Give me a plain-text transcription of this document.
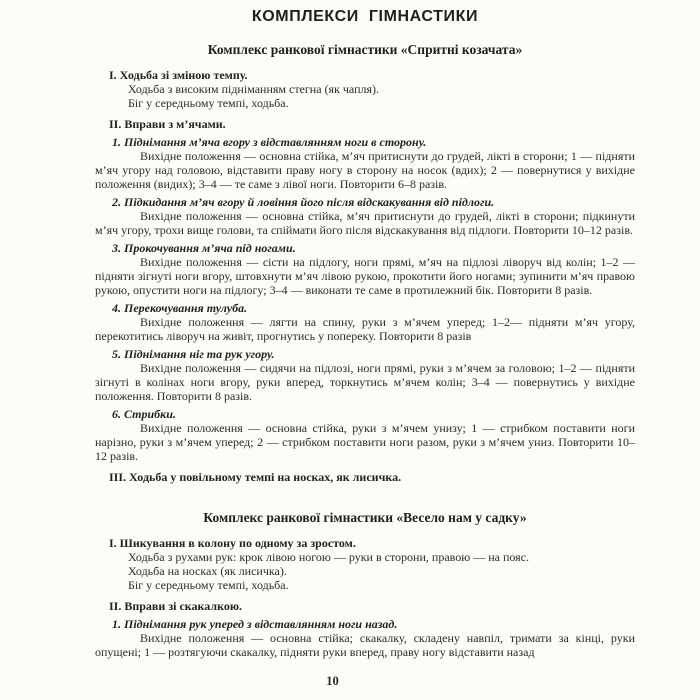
КОМПЛЕКСИ ГІМНАСТИКИ
Комплекс ранкової гімнастики «Спритні козачата»

I. Ходьба зі зміною темпу.

Ходьба з високим підніманням стегна (як чапля).

Біг у середньому темпі, ходьба.

II. Вправи з м’ячами.

1. Піднімання м’яча вгору з відставлянням ноги в сторону.

Вихідне положення — основна стійка, м’яч притиснути до грудей, лікті в сторони; 1 — підняти м’яч угору над головою, відставити праву ногу в сторону на носок (вдих); 2 — повернутися у вихідне положення (видих); 3–4 — те саме з лівої ноги. Повторити 6–8 разів.

2. Підкидання м’яч вгору й ловіння його після відскакування від підлоги.

Вихідне положення — основна стійка, м’яч притиснути до грудей, лікті в сторони; підкинути м’яч угору, трохи вище голови, та спіймати його після відскакування від підлоги. Повторити 10–12 разів.

3. Прокочування м’яча під ногами.

Вихідне положення — сісти на підлогу, ноги прямі, м’яч на підлозі ліворуч від колін; 1–2 — підняти зігнуті ноги вгору, штовхнути м’яч лівою рукою, прокотити його ногами; зупинити м’яч правою рукою, опустити ноги на підлогу; 3–4 — виконати те саме в протилежний бік. Повторити 8 разів.

4. Перекочування тулуба.

Вихідне положення — лягти на спину, руки з м’ячем уперед; 1–2— підняти м’яч угору, перекотитись ліворуч на живіт, прогнутись у попереку. Повторити 8 разів

5. Піднімання ніг та рук угору.

Вихідне положення — сидячи на підлозі, ноги прямі, руки з м’ячем за головою; 1–2 — підняти зігнуті в колінах ноги вгору, руки вперед, торкнутись м’ячем колін; 3–4 — повернутись у вихідне положення. Повторити 8 разів.

6. Стрибки.

Вихідне положення — основна стійка, руки з м’ячем унизу; 1 — стрибком поставити ноги нарізно, руки з м’ячем уперед; 2 — стрибком поставити ноги разом, руки з м’ячем униз. Повторити 10–12 разів.

III. Ходьба у повільному темпі на носках, як лисичка.

Комплекс ранкової гімнастики «Весело нам у садку»

I. Шикування в колону по одному за зростом.

Ходьба з рухами рук: крок лівою ногою — руки в сторони, правою — на пояс.

Ходьба на носках (як лисичка).

Біг у середньому темпі, ходьба.

II. Вправи зі скакалкою.

1. Піднімання рук уперед з відставлянням ноги назад.

Вихідне положення — основна стійка; скакалку, складену навпіл, тримати за кінці, руки опущені; 1 — розтягуючи скакалку, підняти руки вперед, праву ногу відставити назад

10
